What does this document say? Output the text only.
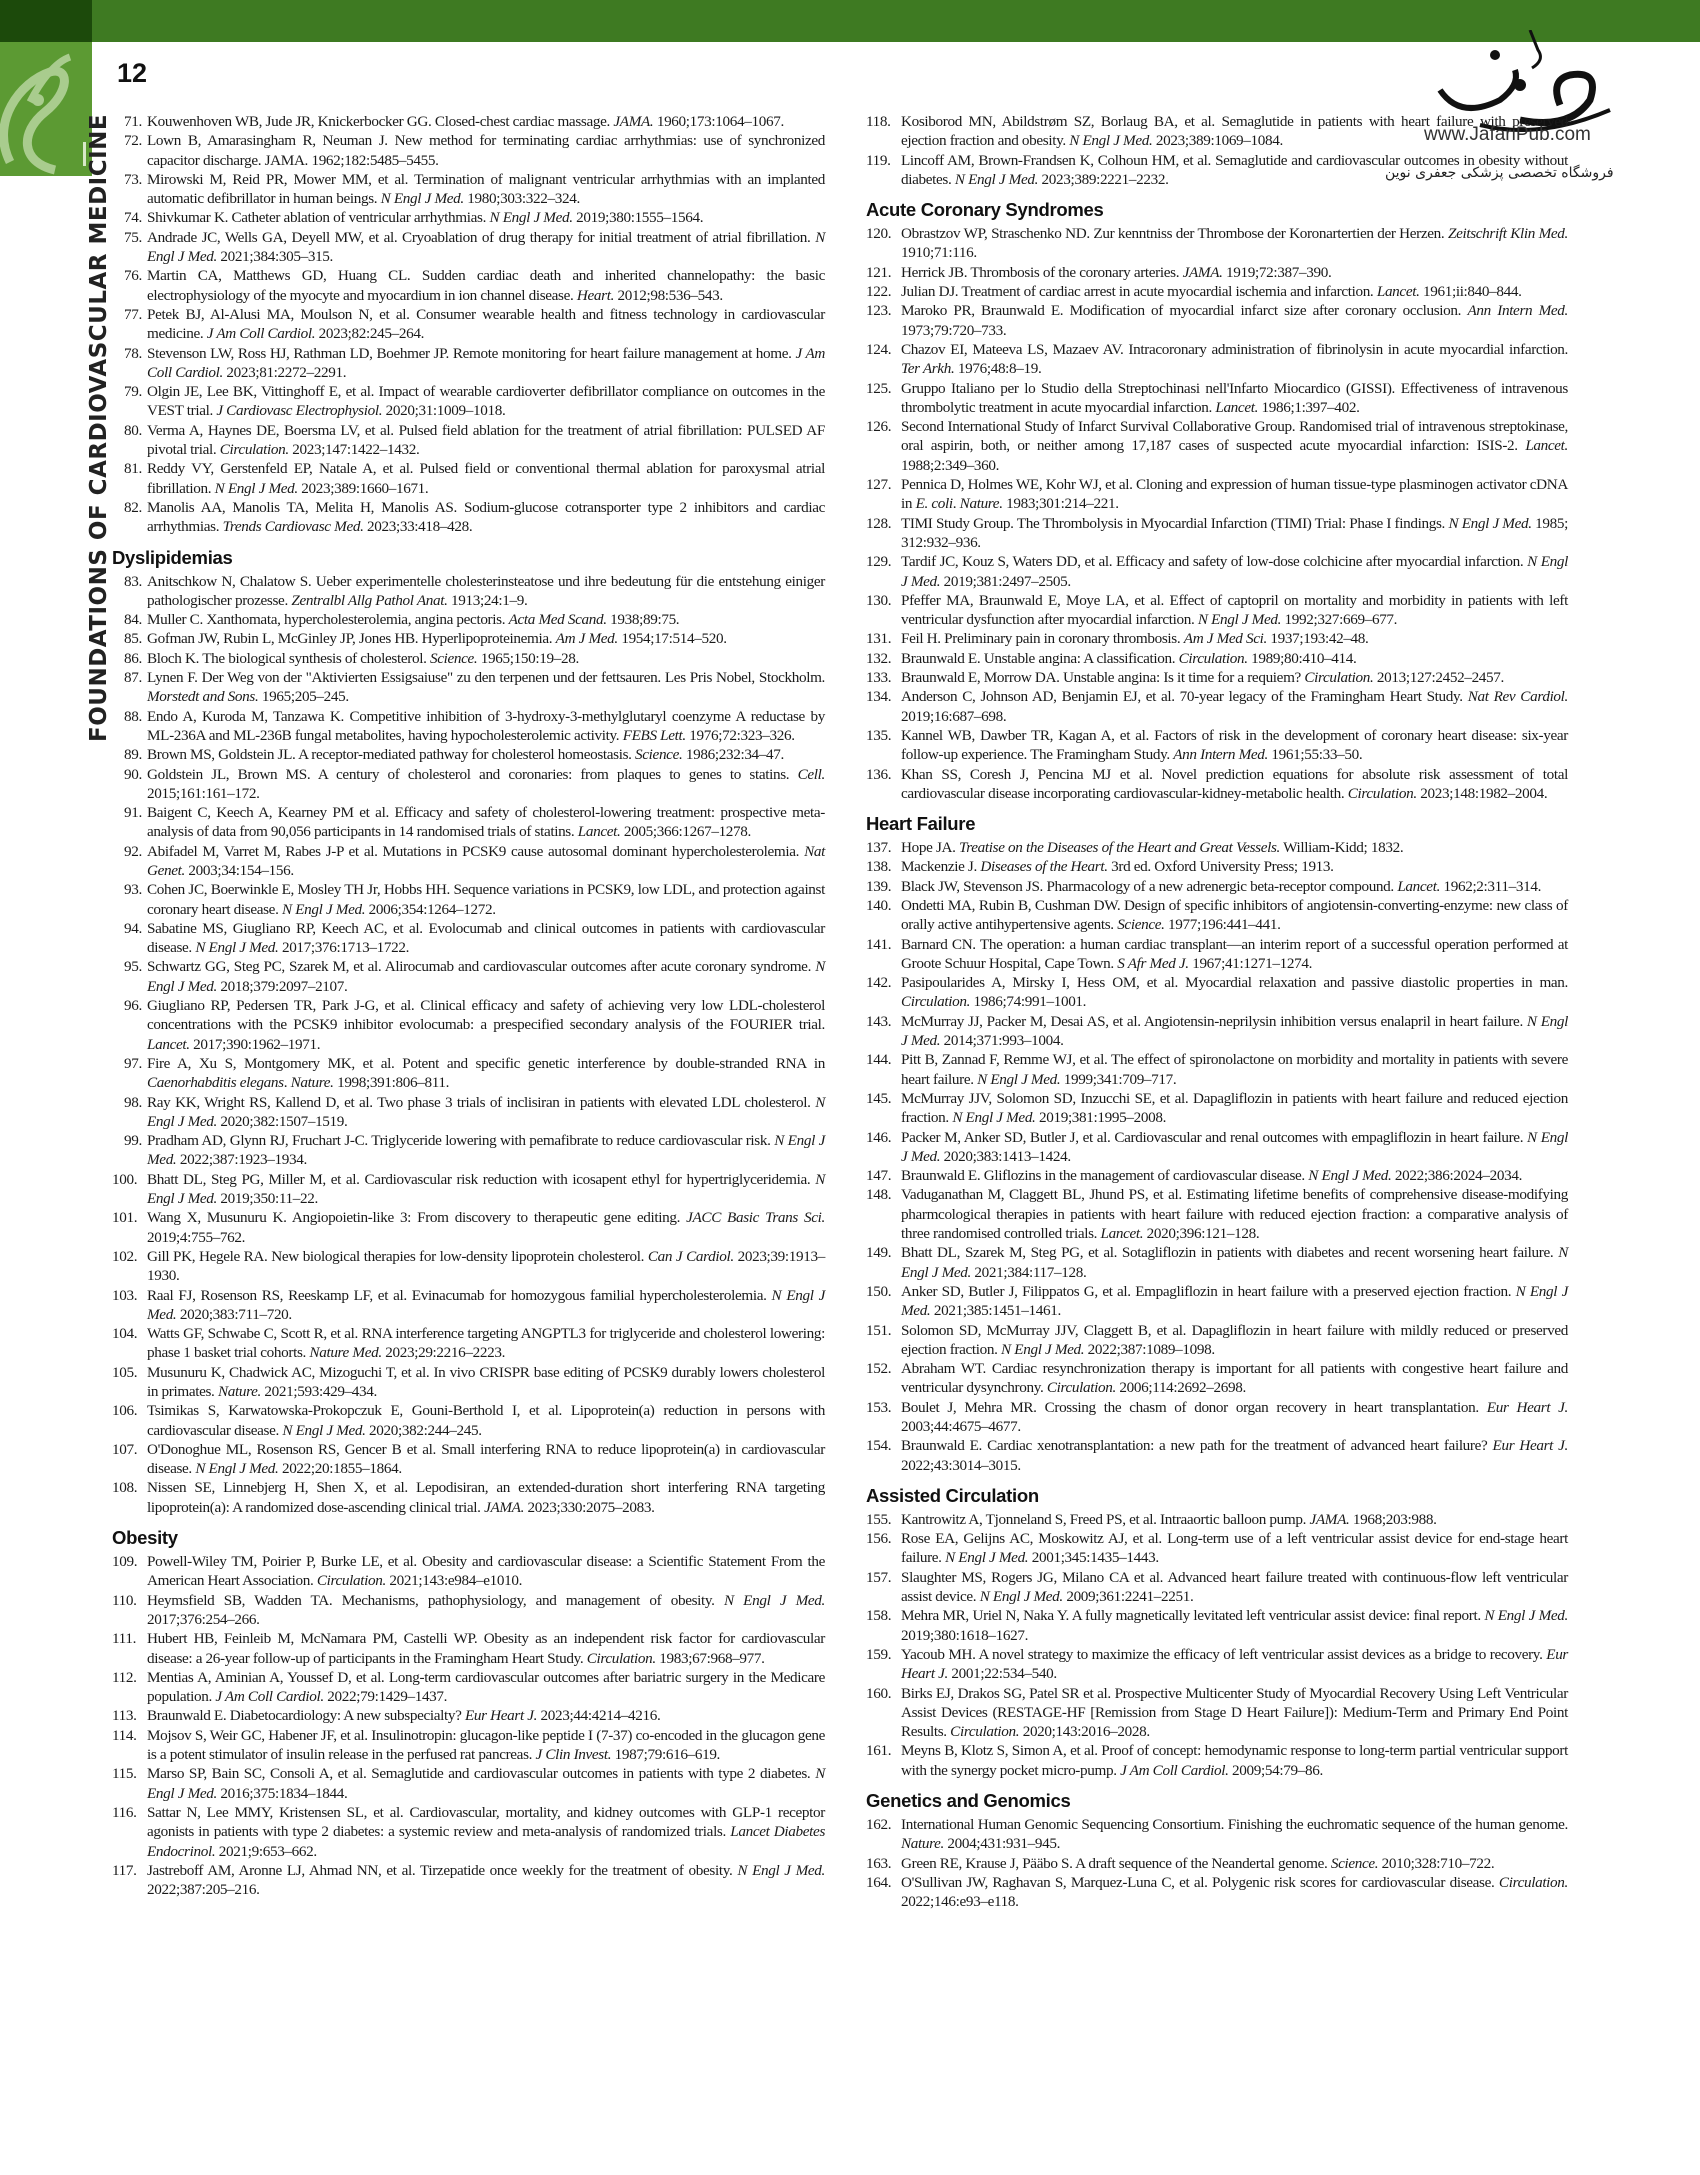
FOUNDATIONS OF CARDIOVASCULAR MEDICINE
12
www.JafariPub.com
فروشگاه تخصصی پزشکی جعفری نوین
71. Kouwenhoven WB, Jude JR, Knickerbocker GG. Closed-chest cardiac massage. JAMA. 1960;173:1064–1067.
72. Lown B, Amarasingham R, Neuman J. New method for terminating cardiac arrhythmias: use of synchronized capacitor discharge. JAMA. 1962;182:5485–5455.
73. Mirowski M, Reid PR, Mower MM, et al. Termination of malignant ventricular arrhythmias with an implanted automatic defibrillator in human beings. N Engl J Med. 1980;303:322–324.
74. Shivkumar K. Catheter ablation of ventricular arrhythmias. N Engl J Med. 2019;380:1555–1564.
75. Andrade JC, Wells GA, Deyell MW, et al. Cryoablation of drug therapy for initial treatment of atrial fibrillation. N Engl J Med. 2021;384:305–315.
76. Martin CA, Matthews GD, Huang CL. Sudden cardiac death and inherited channelopathy: the basic electrophysiology of the myocyte and myocardium in ion channel disease. Heart. 2012;98:536–543.
77. Petek BJ, Al-Alusi MA, Moulson N, et al. Consumer wearable health and fitness technology in cardiovascular medicine. J Am Coll Cardiol. 2023;82:245–264.
78. Stevenson LW, Ross HJ, Rathman LD, Boehmer JP. Remote monitoring for heart failure management at home. J Am Coll Cardiol. 2023;81:2272–2291.
79. Olgin JE, Lee BK, Vittinghoff E, et al. Impact of wearable cardioverter defibrillator compliance on outcomes in the VEST trial. J Cardiovasc Electrophysiol. 2020;31:1009–1018.
80. Verma A, Haynes DE, Boersma LV, et al. Pulsed field ablation for the treatment of atrial fibrillation: PULSED AF pivotal trial. Circulation. 2023;147:1422–1432.
81. Reddy VY, Gerstenfeld EP, Natale A, et al. Pulsed field or conventional thermal ablation for paroxysmal atrial fibrillation. N Engl J Med. 2023;389:1660–1671.
82. Manolis AA, Manolis TA, Melita H, Manolis AS. Sodium-glucose cotransporter type 2 inhibitors and cardiac arrhythmias. Trends Cardiovasc Med. 2023;33:418–428.
Dyslipidemias
83. Anitschkow N, Chalatow S. Ueber experimentelle cholesterinsteatose und ihre bedeutung für die entstehung einiger pathologischer prozesse. Zentralbl Allg Pathol Anat. 1913;24:1–9.
84. Muller C. Xanthomata, hypercholesterolemia, angina pectoris. Acta Med Scand. 1938;89:75.
85. Gofman JW, Rubin L, McGinley JP, Jones HB. Hyperlipoproteinemia. Am J Med. 1954;17:514–520.
86. Bloch K. The biological synthesis of cholesterol. Science. 1965;150:19–28.
87. Lynen F. Der Weg von der "Aktivierten Essigsaiuse" zu den terpenen und der fettsauren. Les Pris Nobel, Stockholm. Morstedt and Sons. 1965;205–245.
88. Endo A, Kuroda M, Tanzawa K. Competitive inhibition of 3-hydroxy-3-methylglutaryl coenzyme A reductase by ML-236A and ML-236B fungal metabolites, having hypocholesterolemic activity. FEBS Lett. 1976;72:323–326.
89. Brown MS, Goldstein JL. A receptor-mediated pathway for cholesterol homeostasis. Science. 1986;232:34–47.
90. Goldstein JL, Brown MS. A century of cholesterol and coronaries: from plaques to genes to statins. Cell. 2015;161:161–172.
91. Baigent C, Keech A, Kearney PM et al. Efficacy and safety of cholesterol-lowering treatment: prospective meta-analysis of data from 90,056 participants in 14 randomised trials of statins. Lancet. 2005;366:1267–1278.
92. Abifadel M, Varret M, Rabes J-P et al. Mutations in PCSK9 cause autosomal dominant hypercholesterolemia. Nat Genet. 2003;34:154–156.
93. Cohen JC, Boerwinkle E, Mosley TH Jr, Hobbs HH. Sequence variations in PCSK9, low LDL, and protection against coronary heart disease. N Engl J Med. 2006;354:1264–1272.
94. Sabatine MS, Giugliano RP, Keech AC, et al. Evolocumab and clinical outcomes in patients with cardiovascular disease. N Engl J Med. 2017;376:1713–1722.
95. Schwartz GG, Steg PC, Szarek M, et al. Alirocumab and cardiovascular outcomes after acute coronary syndrome. N Engl J Med. 2018;379:2097–2107.
96. Giugliano RP, Pedersen TR, Park J-G, et al. Clinical efficacy and safety of achieving very low LDL-cholesterol concentrations with the PCSK9 inhibitor evolocumab: a prespecified secondary analysis of the FOURIER trial. Lancet. 2017;390:1962–1971.
97. Fire A, Xu S, Montgomery MK, et al. Potent and specific genetic interference by double-stranded RNA in Caenorhabditis elegans. Nature. 1998;391:806–811.
98. Ray KK, Wright RS, Kallend D, et al. Two phase 3 trials of inclisiran in patients with elevated LDL cholesterol. N Engl J Med. 2020;382:1507–1519.
99. Pradham AD, Glynn RJ, Fruchart J-C. Triglyceride lowering with pemafibrate to reduce cardiovascular risk. N Engl J Med. 2022;387:1923–1934.
100. Bhatt DL, Steg PG, Miller M, et al. Cardiovascular risk reduction with icosapent ethyl for hypertriglyceridemia. N Engl J Med. 2019;350:11–22.
101. Wang X, Musunuru K. Angiopoietin-like 3: From discovery to therapeutic gene editing. JACC Basic Trans Sci. 2019;4:755–762.
102. Gill PK, Hegele RA. New biological therapies for low-density lipoprotein cholesterol. Can J Cardiol. 2023;39:1913–1930.
103. Raal FJ, Rosenson RS, Reeskamp LF, et al. Evinacumab for homozygous familial hypercholesterolemia. N Engl J Med. 2020;383:711–720.
104. Watts GF, Schwabe C, Scott R, et al. RNA interference targeting ANGPTL3 for triglyceride and cholesterol lowering: phase 1 basket trial cohorts. Nature Med. 2023;29:2216–2223.
105. Musunuru K, Chadwick AC, Mizoguchi T, et al. In vivo CRISPR base editing of PCSK9 durably lowers cholesterol in primates. Nature. 2021;593:429–434.
106. Tsimikas S, Karwatowska-Prokopczuk E, Gouni-Berthold I, et al. Lipoprotein(a) reduction in persons with cardiovascular disease. N Engl J Med. 2020;382:244–245.
107. O'Donoghue ML, Rosenson RS, Gencer B et al. Small interfering RNA to reduce lipoprotein(a) in cardiovascular disease. N Engl J Med. 2022;20:1855–1864.
108. Nissen SE, Linnebjerg H, Shen X, et al. Lepodisiran, an extended-duration short interfering RNA targeting lipoprotein(a): A randomized dose-ascending clinical trial. JAMA. 2023;330:2075–2083.
Obesity
109. Powell-Wiley TM, Poirier P, Burke LE, et al. Obesity and cardiovascular disease: a Scientific Statement From the American Heart Association. Circulation. 2021;143:e984–e1010.
110. Heymsfield SB, Wadden TA. Mechanisms, pathophysiology, and management of obesity. N Engl J Med. 2017;376:254–266.
111. Hubert HB, Feinleib M, McNamara PM, Castelli WP. Obesity as an independent risk factor for cardiovascular disease: a 26-year follow-up of participants in the Framingham Heart Study. Circulation. 1983;67:968–977.
112. Mentias A, Aminian A, Youssef D, et al. Long-term cardiovascular outcomes after bariatric surgery in the Medicare population. J Am Coll Cardiol. 2022;79:1429–1437.
113. Braunwald E. Diabetocardiology: A new subspecialty? Eur Heart J. 2023;44:4214–4216.
114. Mojsov S, Weir GC, Habener JF, et al. Insulinotropin: glucagon-like peptide I (7-37) co-encoded in the glucagon gene is a potent stimulator of insulin release in the perfused rat pancreas. J Clin Invest. 1987;79:616–619.
115. Marso SP, Bain SC, Consoli A, et al. Semaglutide and cardiovascular outcomes in patients with type 2 diabetes. N Engl J Med. 2016;375:1834–1844.
116. Sattar N, Lee MMY, Kristensen SL, et al. Cardiovascular, mortality, and kidney outcomes with GLP-1 receptor agonists in patients with type 2 diabetes: a systemic review and meta-analysis of randomized trials. Lancet Diabetes Endocrinol. 2021;9:653–662.
117. Jastreboff AM, Aronne LJ, Ahmad NN, et al. Tirzepatide once weekly for the treatment of obesity. N Engl J Med. 2022;387:205–216.
118. Kosiborod MN, Abildstrøm SZ, Borlaug BA, et al. Semaglutide in patients with heart failure with preserved ejection fraction and obesity. N Engl J Med. 2023;389:1069–1084.
119. Lincoff AM, Brown-Frandsen K, Colhoun HM, et al. Semaglutide and cardiovascular outcomes in obesity without diabetes. N Engl J Med. 2023;389:2221–2232.
Acute Coronary Syndromes
120. Obrastzov WP, Straschenko ND. Zur kenntniss der Thrombose der Koronartertien der Herzen. Zeitschrift Klin Med. 1910;71:116.
121. Herrick JB. Thrombosis of the coronary arteries. JAMA. 1919;72:387–390.
122. Julian DJ. Treatment of cardiac arrest in acute myocardial ischemia and infarction. Lancet. 1961;ii:840–844.
123. Maroko PR, Braunwald E. Modification of myocardial infarct size after coronary occlusion. Ann Intern Med. 1973;79:720–733.
124. Chazov EI, Mateeva LS, Mazaev AV. Intracoronary administration of fibrinolysin in acute myocardial infarction. Ter Arkh. 1976;48:8–19.
125. Gruppo Italiano per lo Studio della Streptochinasi nell'Infarto Miocardico (GISSI). Effectiveness of intravenous thrombolytic treatment in acute myocardial infarction. Lancet. 1986;1:397–402.
126. Second International Study of Infarct Survival Collaborative Group. Randomised trial of intravenous streptokinase, oral aspirin, both, or neither among 17,187 cases of suspected acute myocardial infarction: ISIS-2. Lancet. 1988;2:349–360.
127. Pennica D, Holmes WE, Kohr WJ, et al. Cloning and expression of human tissue-type plasminogen activator cDNA in E. coli. Nature. 1983;301:214–221.
128. TIMI Study Group. The Thrombolysis in Myocardial Infarction (TIMI) Trial: Phase I findings. N Engl J Med. 1985; 312:932–936.
129. Tardif JC, Kouz S, Waters DD, et al. Efficacy and safety of low-dose colchicine after myocardial infarction. N Engl J Med. 2019;381:2497–2505.
130. Pfeffer MA, Braunwald E, Moye LA, et al. Effect of captopril on mortality and morbidity in patients with left ventricular dysfunction after myocardial infarction. N Engl J Med. 1992;327:669–677.
131. Feil H. Preliminary pain in coronary thrombosis. Am J Med Sci. 1937;193:42–48.
132. Braunwald E. Unstable angina: A classification. Circulation. 1989;80:410–414.
133. Braunwald E, Morrow DA. Unstable angina: Is it time for a requiem? Circulation. 2013;127:2452–2457.
134. Anderson C, Johnson AD, Benjamin EJ, et al. 70-year legacy of the Framingham Heart Study. Nat Rev Cardiol. 2019;16:687–698.
135. Kannel WB, Dawber TR, Kagan A, et al. Factors of risk in the development of coronary heart disease: six-year follow-up experience. The Framingham Study. Ann Intern Med. 1961;55:33–50.
136. Khan SS, Coresh J, Pencina MJ et al. Novel prediction equations for absolute risk assessment of total cardiovascular disease incorporating cardiovascular-kidney-metabolic health. Circulation. 2023;148:1982–2004.
Heart Failure
137. Hope JA. Treatise on the Diseases of the Heart and Great Vessels. William-Kidd; 1832.
138. Mackenzie J. Diseases of the Heart. 3rd ed. Oxford University Press; 1913.
139. Black JW, Stevenson JS. Pharmacology of a new adrenergic beta-receptor compound. Lancet. 1962;2:311–314.
140. Ondetti MA, Rubin B, Cushman DW. Design of specific inhibitors of angiotensin-converting-enzyme: new class of orally active antihypertensive agents. Science. 1977;196:441–441.
141. Barnard CN. The operation: a human cardiac transplant—an interim report of a successful operation performed at Groote Schuur Hospital, Cape Town. S Afr Med J. 1967;41:1271–1274.
142. Pasipoularides A, Mirsky I, Hess OM, et al. Myocardial relaxation and passive diastolic properties in man. Circulation. 1986;74:991–1001.
143. McMurray JJ, Packer M, Desai AS, et al. Angiotensin-neprilysin inhibition versus enalapril in heart failure. N Engl J Med. 2014;371:993–1004.
144. Pitt B, Zannad F, Remme WJ, et al. The effect of spironolactone on morbidity and mortality in patients with severe heart failure. N Engl J Med. 1999;341:709–717.
145. McMurray JJV, Solomon SD, Inzucchi SE, et al. Dapagliflozin in patients with heart failure and reduced ejection fraction. N Engl J Med. 2019;381:1995–2008.
146. Packer M, Anker SD, Butler J, et al. Cardiovascular and renal outcomes with empagliflozin in heart failure. N Engl J Med. 2020;383:1413–1424.
147. Braunwald E. Gliflozins in the management of cardiovascular disease. N Engl J Med. 2022;386:2024–2034.
148. Vaduganathan M, Claggett BL, Jhund PS, et al. Estimating lifetime benefits of comprehensive disease-modifying pharmcological therapies in patients with heart failure with reduced ejection fraction: a comparative analysis of three randomised controlled trials. Lancet. 2020;396:121–128.
149. Bhatt DL, Szarek M, Steg PG, et al. Sotagliflozin in patients with diabetes and recent worsening heart failure. N Engl J Med. 2021;384:117–128.
150. Anker SD, Butler J, Filippatos G, et al. Empagliflozin in heart failure with a preserved ejection fraction. N Engl J Med. 2021;385:1451–1461.
151. Solomon SD, McMurray JJV, Claggett B, et al. Dapagliflozin in heart failure with mildly reduced or preserved ejection fraction. N Engl J Med. 2022;387:1089–1098.
152. Abraham WT. Cardiac resynchronization therapy is important for all patients with congestive heart failure and ventricular dysynchrony. Circulation. 2006;114:2692–2698.
153. Boulet J, Mehra MR. Crossing the chasm of donor organ recovery in heart transplantation. Eur Heart J. 2003;44:4675–4677.
154. Braunwald E. Cardiac xenotransplantation: a new path for the treatment of advanced heart failure? Eur Heart J. 2022;43:3014–3015.
Assisted Circulation
155. Kantrowitz A, Tjonneland S, Freed PS, et al. Intraaortic balloon pump. JAMA. 1968;203:988.
156. Rose EA, Gelijns AC, Moskowitz AJ, et al. Long-term use of a left ventricular assist device for end-stage heart failure. N Engl J Med. 2001;345:1435–1443.
157. Slaughter MS, Rogers JG, Milano CA et al. Advanced heart failure treated with continuous-flow left ventricular assist device. N Engl J Med. 2009;361:2241–2251.
158. Mehra MR, Uriel N, Naka Y. A fully magnetically levitated left ventricular assist device: final report. N Engl J Med. 2019;380:1618–1627.
159. Yacoub MH. A novel strategy to maximize the efficacy of left ventricular assist devices as a bridge to recovery. Eur Heart J. 2001;22:534–540.
160. Birks EJ, Drakos SG, Patel SR et al. Prospective Multicenter Study of Myocardial Recovery Using Left Ventricular Assist Devices (RESTAGE-HF [Remission from Stage D Heart Failure]): Medium-Term and Primary End Point Results. Circulation. 2020;143:2016–2028.
161. Meyns B, Klotz S, Simon A, et al. Proof of concept: hemodynamic response to long-term partial ventricular support with the synergy pocket micro-pump. J Am Coll Cardiol. 2009;54:79–86.
Genetics and Genomics
162. International Human Genomic Sequencing Consortium. Finishing the euchromatic sequence of the human genome. Nature. 2004;431:931–945.
163. Green RE, Krause J, Pääbo S. A draft sequence of the Neandertal genome. Science. 2010;328:710–722.
164. O'Sullivan JW, Raghavan S, Marquez-Luna C, et al. Polygenic risk scores for cardiovascular disease. Circulation. 2022;146:e93–e118.
